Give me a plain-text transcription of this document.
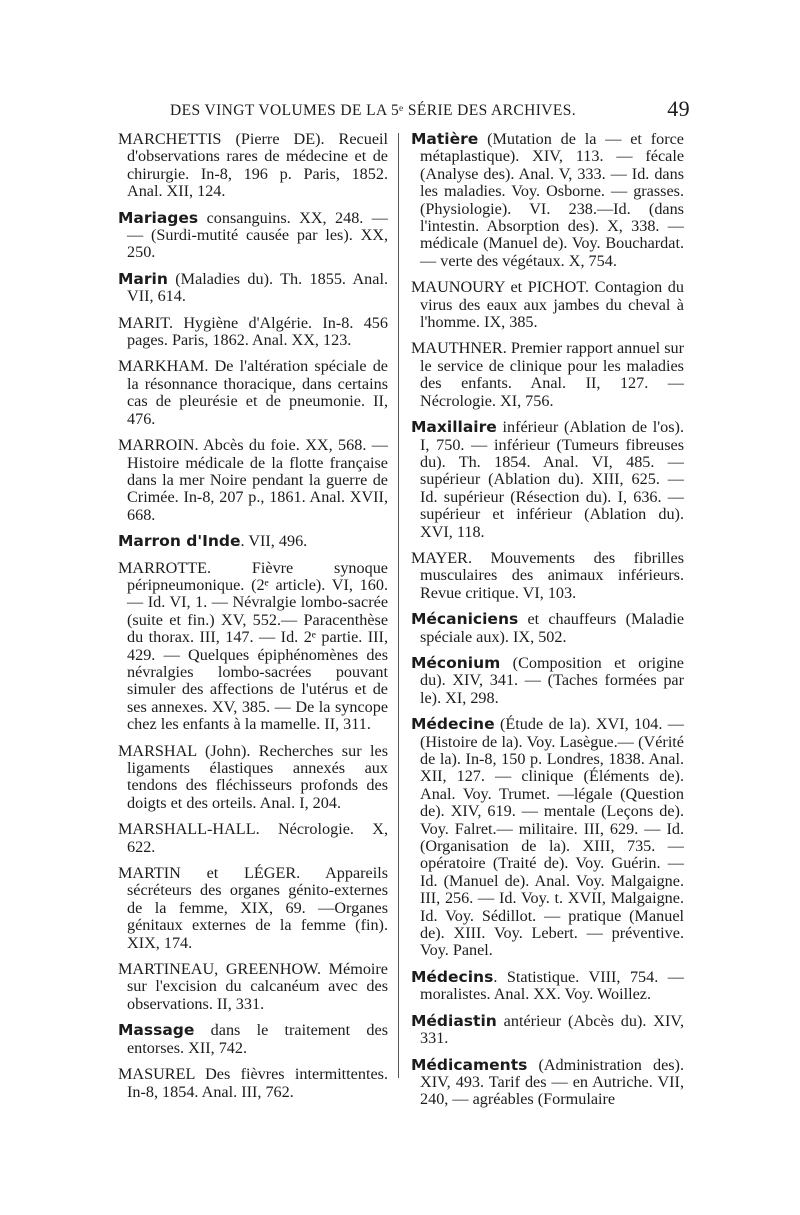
DES VINGT VOLUMES DE LA 5ᵉ SÉRIE DES ARCHIVES.	49

MARCHETTIS (Pierre DE). Recueil d'observations rares de médecine et de chirurgie. In-8, 196 p. Paris, 1852. Anal. XII, 124.

Mariages consanguins. XX, 248. — — (Surdi-mutité causée par les). XX, 250.

Marin (Maladies du). Th. 1855. Anal. VII, 614.

MARIT. Hygiène d'Algérie. In-8. 456 pages. Paris, 1862. Anal. XX, 123.

MARKHAM. De l'altération spéciale de la résonnance thoracique, dans certains cas de pleurésie et de pneumonie. II, 476.

MARROIN. Abcès du foie. XX, 568. — Histoire médicale de la flotte française dans la mer Noire pendant la guerre de Crimée. In-8, 207 p., 1861. Anal. XVII, 668.

Marron d'Inde. VII, 496.

MARROTTE. Fièvre synoque péripneumonique. (2ᵉ article). VI, 160.— Id. VI, 1. — Névralgie lombo-sacrée (suite et fin.) XV, 552.— Paracenthèse du thorax. III, 147. — Id. 2ᵉ partie. III, 429. — Quelques épiphénomènes des névralgies lombo-sacrées pouvant simuler des affections de l'utérus et de ses annexes. XV, 385. — De la syncope chez les enfants à la mamelle. II, 311.

MARSHAL (John). Recherches sur les ligaments élastiques annexés aux tendons des fléchisseurs profonds des doigts et des orteils. Anal. I, 204.

MARSHALL-HALL. Nécrologie. X, 622.

MARTIN et LÉGER. Appareils sécréteurs des organes génito-externes de la femme, XIX, 69. —Organes génitaux externes de la femme (fin). XIX, 174.

MARTINEAU, GREENHOW. Mémoire sur l'excision du calcanéum avec des observations. II, 331.

Massage dans le traitement des entorses. XII, 742.

MASUREL Des fièvres intermittentes. In-8, 1854. Anal. III, 762.

Matière (Mutation de la — et force métaplastique). XIV, 113. — fécale (Analyse des). Anal. V, 333. — Id. dans les maladies. Voy. Osborne. — grasses. (Physiologie). VI. 238.—Id. (dans l'intestin. Absorption des). X, 338. — médicale (Manuel de). Voy. Bouchardat. — verte des végétaux. X, 754.

MAUNOURY et PICHOT. Contagion du virus des eaux aux jambes du cheval à l'homme. IX, 385.

MAUTHNER. Premier rapport annuel sur le service de clinique pour les maladies des enfants. Anal. II, 127. — Nécrologie. XI, 756.

Maxillaire inférieur (Ablation de l'os). I, 750. — inférieur (Tumeurs fibreuses du). Th. 1854. Anal. VI, 485. — supérieur (Ablation du). XIII, 625. — Id. supérieur (Résection du). I, 636. — supérieur et inférieur (Ablation du). XVI, 118.

MAYER. Mouvements des fibrilles musculaires des animaux inférieurs. Revue critique. VI, 103.

Mécaniciens et chauffeurs (Maladie spéciale aux). IX, 502.

Méconium (Composition et origine du). XIV, 341. — (Taches formées par le). XI, 298.

Médecine (Étude de la). XVI, 104. — (Histoire de la). Voy. Lasègue.— (Vérité de la). In-8, 150 p. Londres, 1838. Anal. XII, 127. — clinique (Éléments de). Anal. Voy. Trumet. —légale (Question de). XIV, 619. — mentale (Leçons de). Voy. Falret.— militaire. III, 629. — Id. (Organisation de la). XIII, 735. — opératoire (Traité de). Voy. Guérin. — Id. (Manuel de). Anal. Voy. Malgaigne. III, 256. — Id. Voy. t. XVII, Malgaigne. Id. Voy. Sédillot. — pratique (Manuel de). XIII. Voy. Lebert. — préventive. Voy. Panel.

Médecins. Statistique. VIII, 754. — moralistes. Anal. XX. Voy. Woillez.

Médiastin antérieur (Abcès du). XIV, 331.

Médicaments (Administration des). XIV, 493. Tarif des — en Autriche. VII, 240, — agréables (Formulaire
